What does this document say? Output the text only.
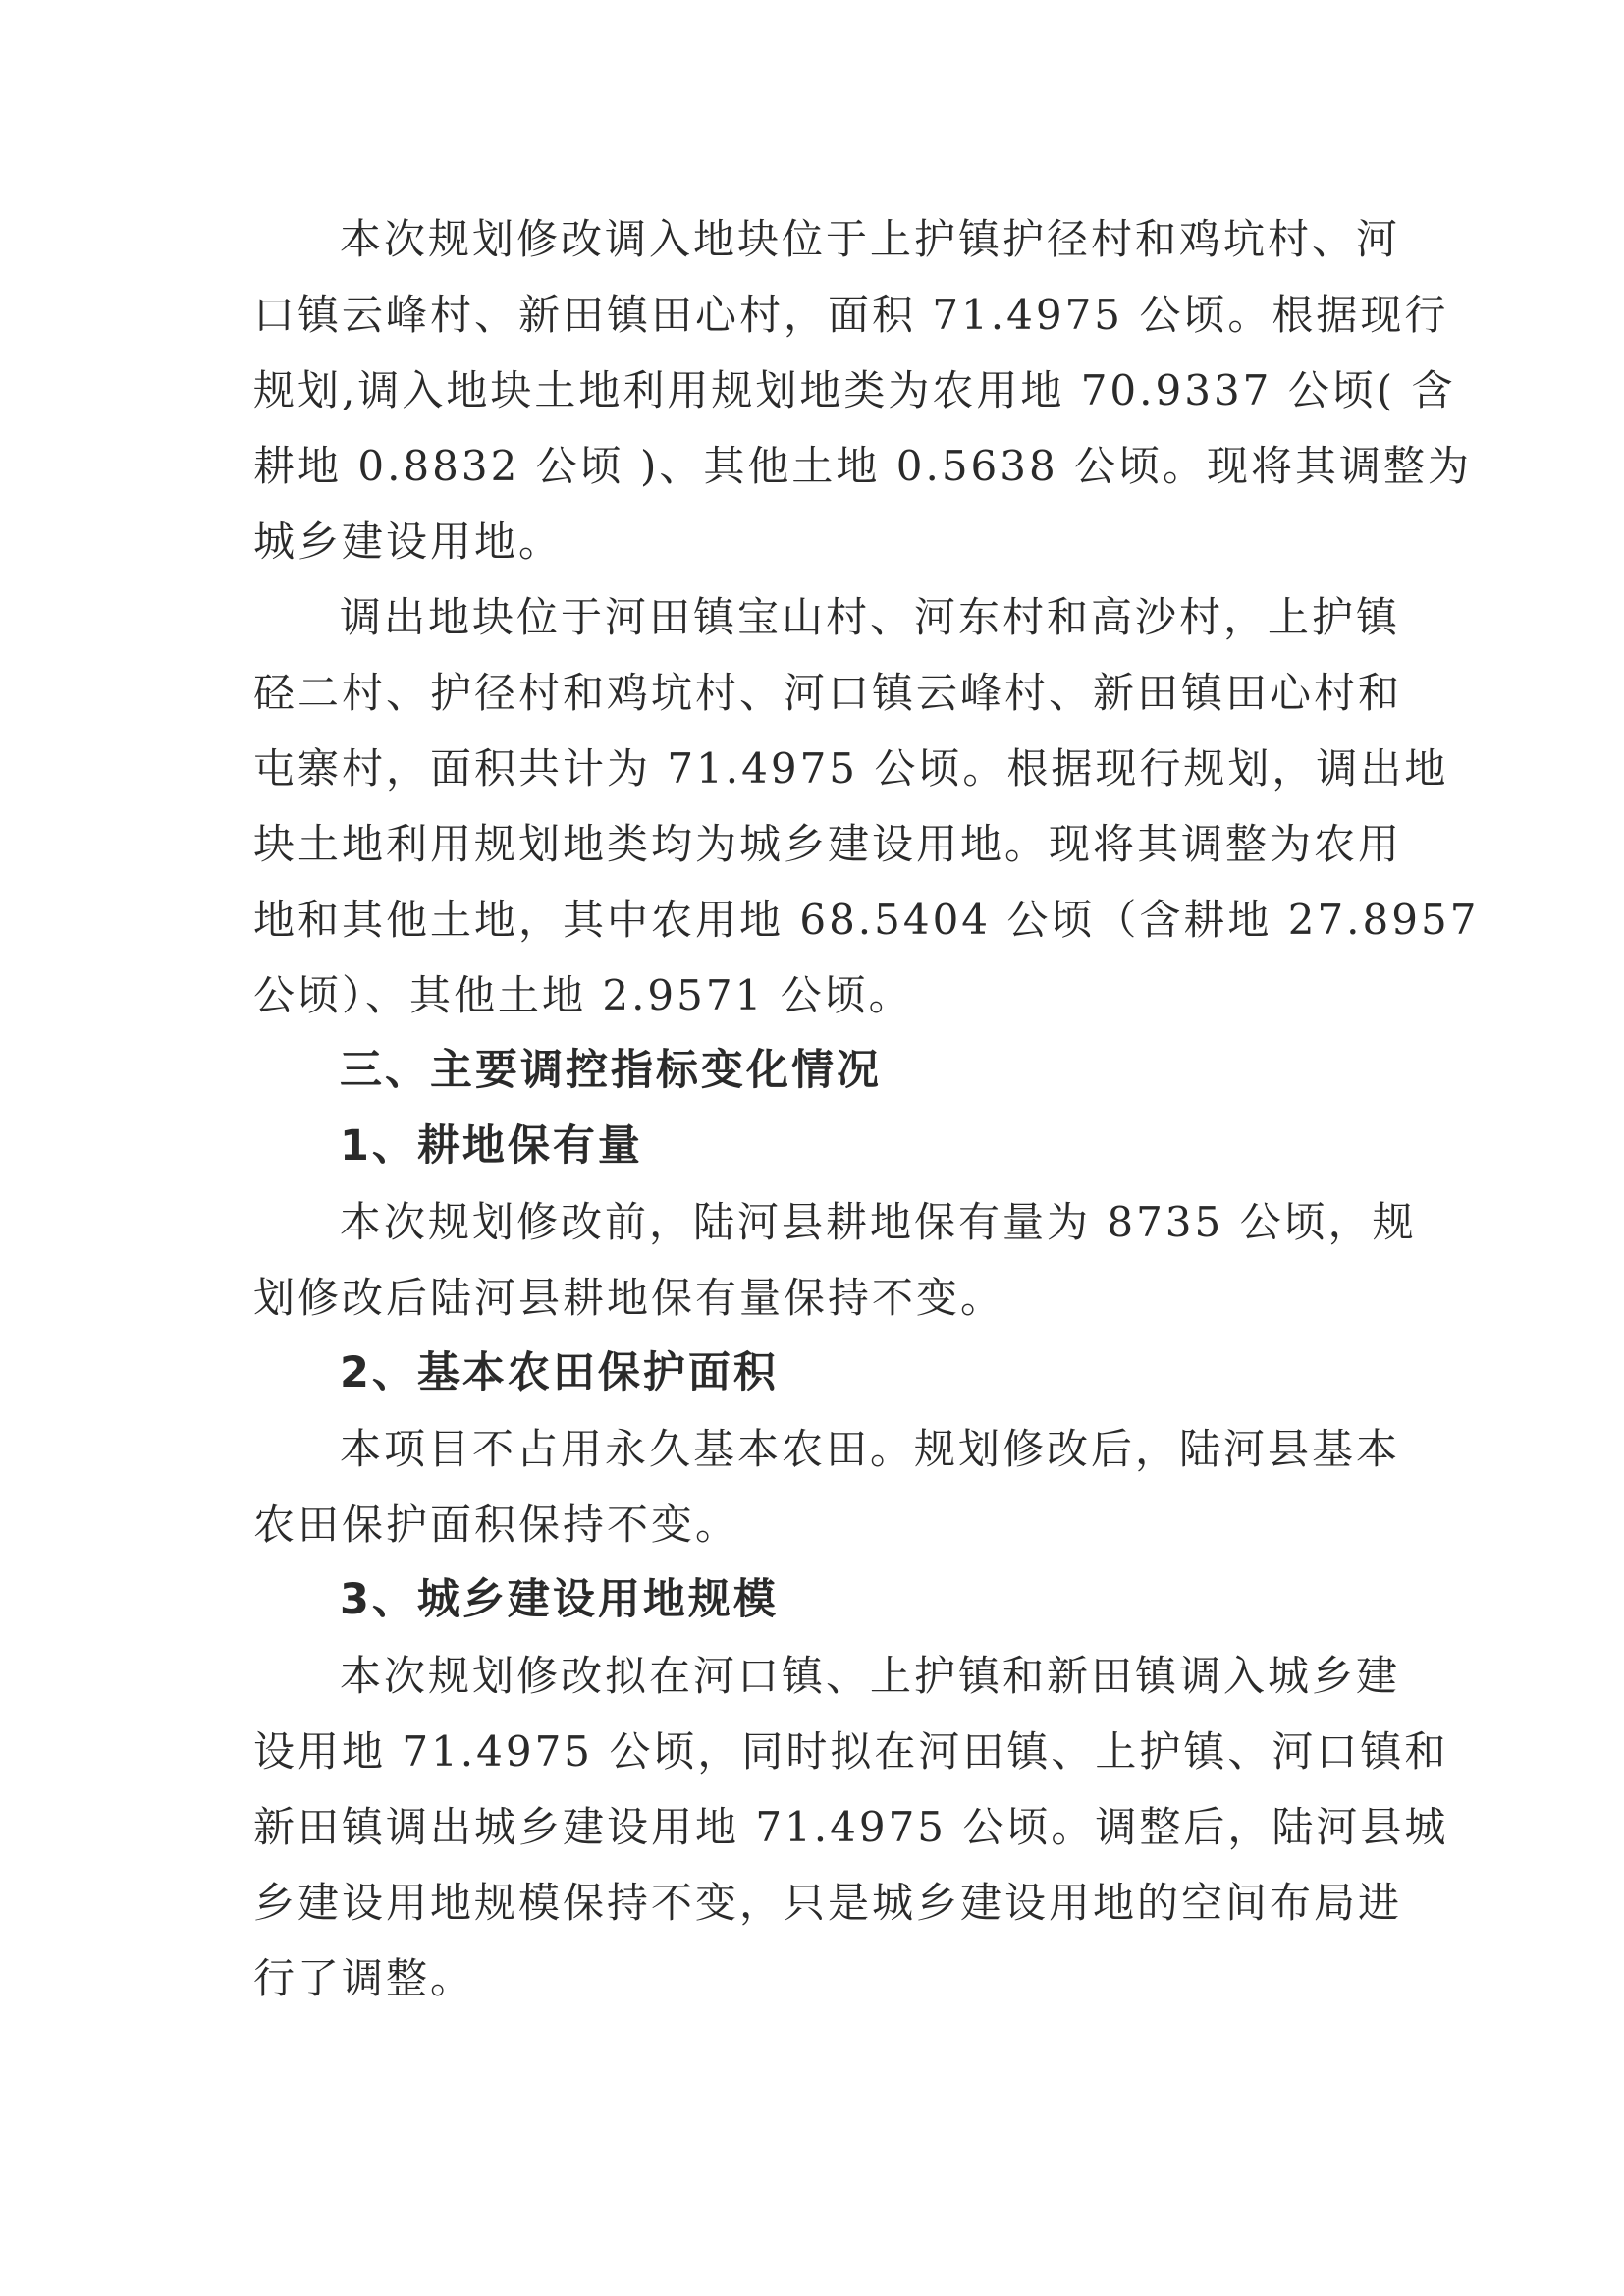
本次规划修改调入地块位于上护镇护径村和鸡坑村、河
口镇云峰村、新田镇田心村，面积 71.4975 公顷。根据现行
规划,调入地块土地利用规划地类为农用地 70.9337 公顷( 含
耕地 0.8832 公顷 )、其他土地 0.5638 公顷。现将其调整为
城乡建设用地。

调出地块位于河田镇宝山村、河东村和高沙村，上护镇
硁二村、护径村和鸡坑村、河口镇云峰村、新田镇田心村和
屯寨村，面积共计为 71.4975 公顷。根据现行规划，调出地
块土地利用规划地类均为城乡建设用地。现将其调整为农用
地和其他土地，其中农用地 68.5404 公顷（含耕地 27.8957
公顷）、其他土地 2.9571 公顷。

三、主要调控指标变化情况
1、耕地保有量

本次规划修改前，陆河县耕地保有量为 8735 公顷，规
划修改后陆河县耕地保有量保持不变。

2、基本农田保护面积

本项目不占用永久基本农田。规划修改后，陆河县基本
农田保护面积保持不变。

3、城乡建设用地规模

本次规划修改拟在河口镇、上护镇和新田镇调入城乡建
设用地 71.4975 公顷，同时拟在河田镇、上护镇、河口镇和
新田镇调出城乡建设用地 71.4975 公顷。调整后，陆河县城
乡建设用地规模保持不变，只是城乡建设用地的空间布局进
行了调整。
